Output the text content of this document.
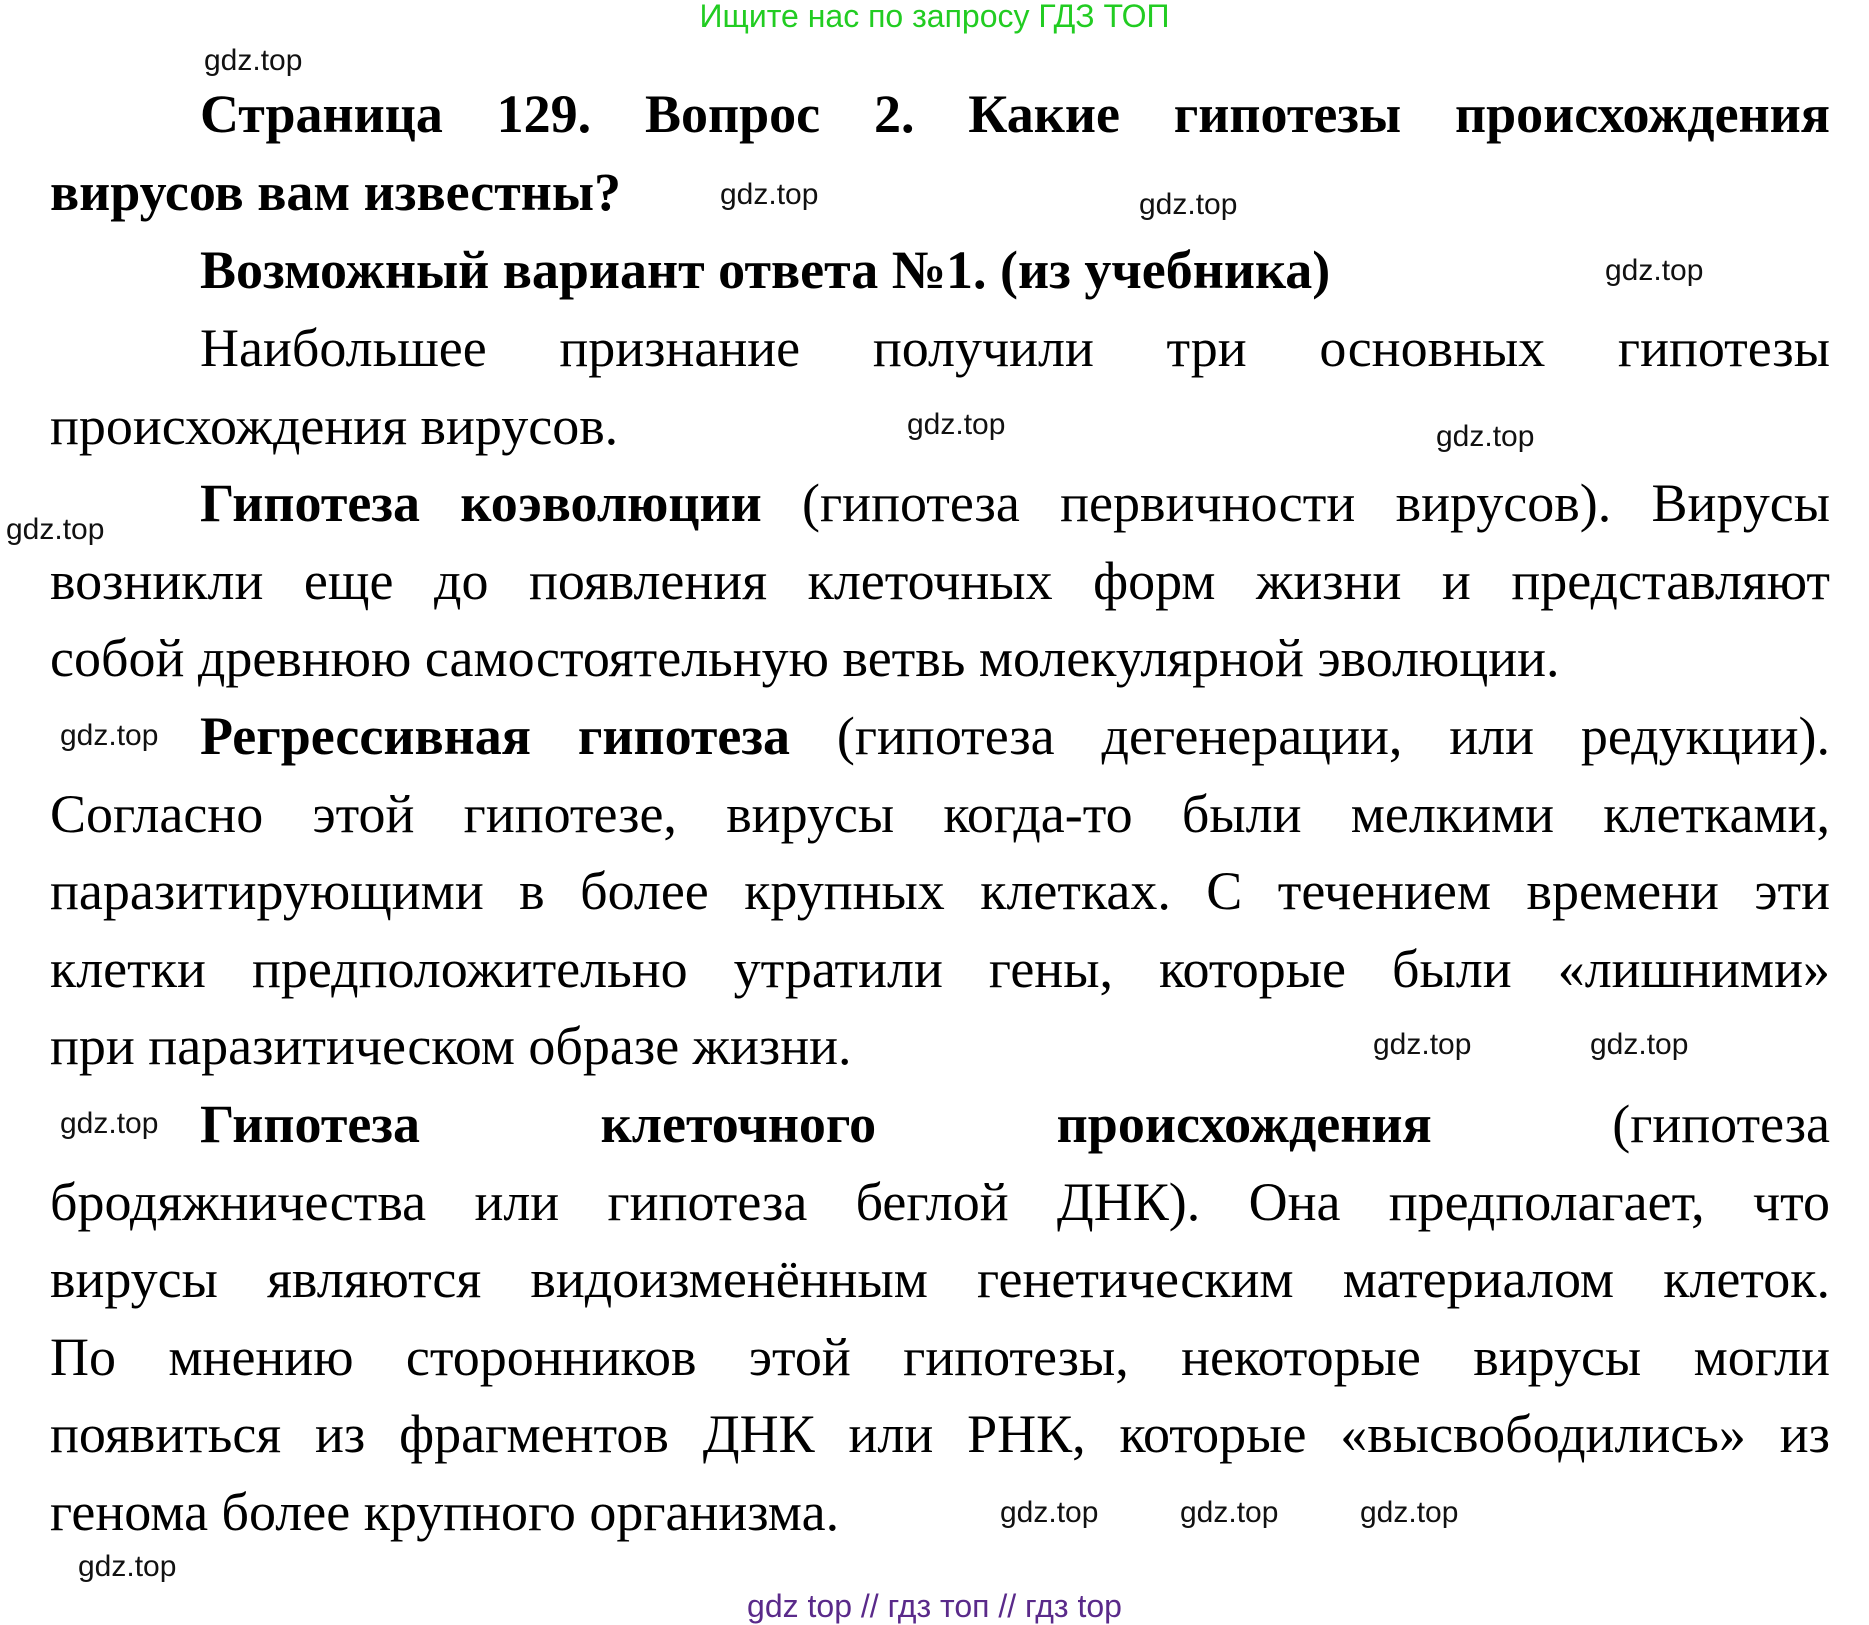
Ищите нас по запросу ГДЗ ТОП
Страница 129. Вопрос 2. Какие гипотезы происхождения
вирусов вам известны?
Возможный вариант ответа №1. (из учебника)
Наибольшее признание получили три основных гипотезы
происхождения вирусов.
Гипотеза коэволюции (гипотеза первичности вирусов). Вирусы
возникли еще до появления клеточных форм жизни и представляют
собой древнюю самостоятельную ветвь молекулярной эволюции.
Регрессивная гипотеза (гипотеза дегенерации, или редукции).
Согласно этой гипотезе, вирусы когда-то были мелкими клетками,
паразитирующими в более крупных клетках. С течением времени эти
клетки предположительно утратили гены, которые были «лишними»
при паразитическом образе жизни.
Гипотеза клеточного происхождения (гипотеза
бродяжничества или гипотеза беглой ДНК). Она предполагает, что
вирусы являются видоизменённым генетическим материалом клеток.
По мнению сторонников этой гипотезы, некоторые вирусы могли
появиться из фрагментов ДНК или РНК, которые «высвободились» из
генома более крупного организма.
gdz top // гдз топ // гдз top
gdz.top
gdz.top	gdz.top
gdz.top
gdz.top	gdz.top
gdz.top
gdz.top
gdz.top
gdz.top
gdz.top
gdz.top	gdz.top	gdz.top
gdz.top
